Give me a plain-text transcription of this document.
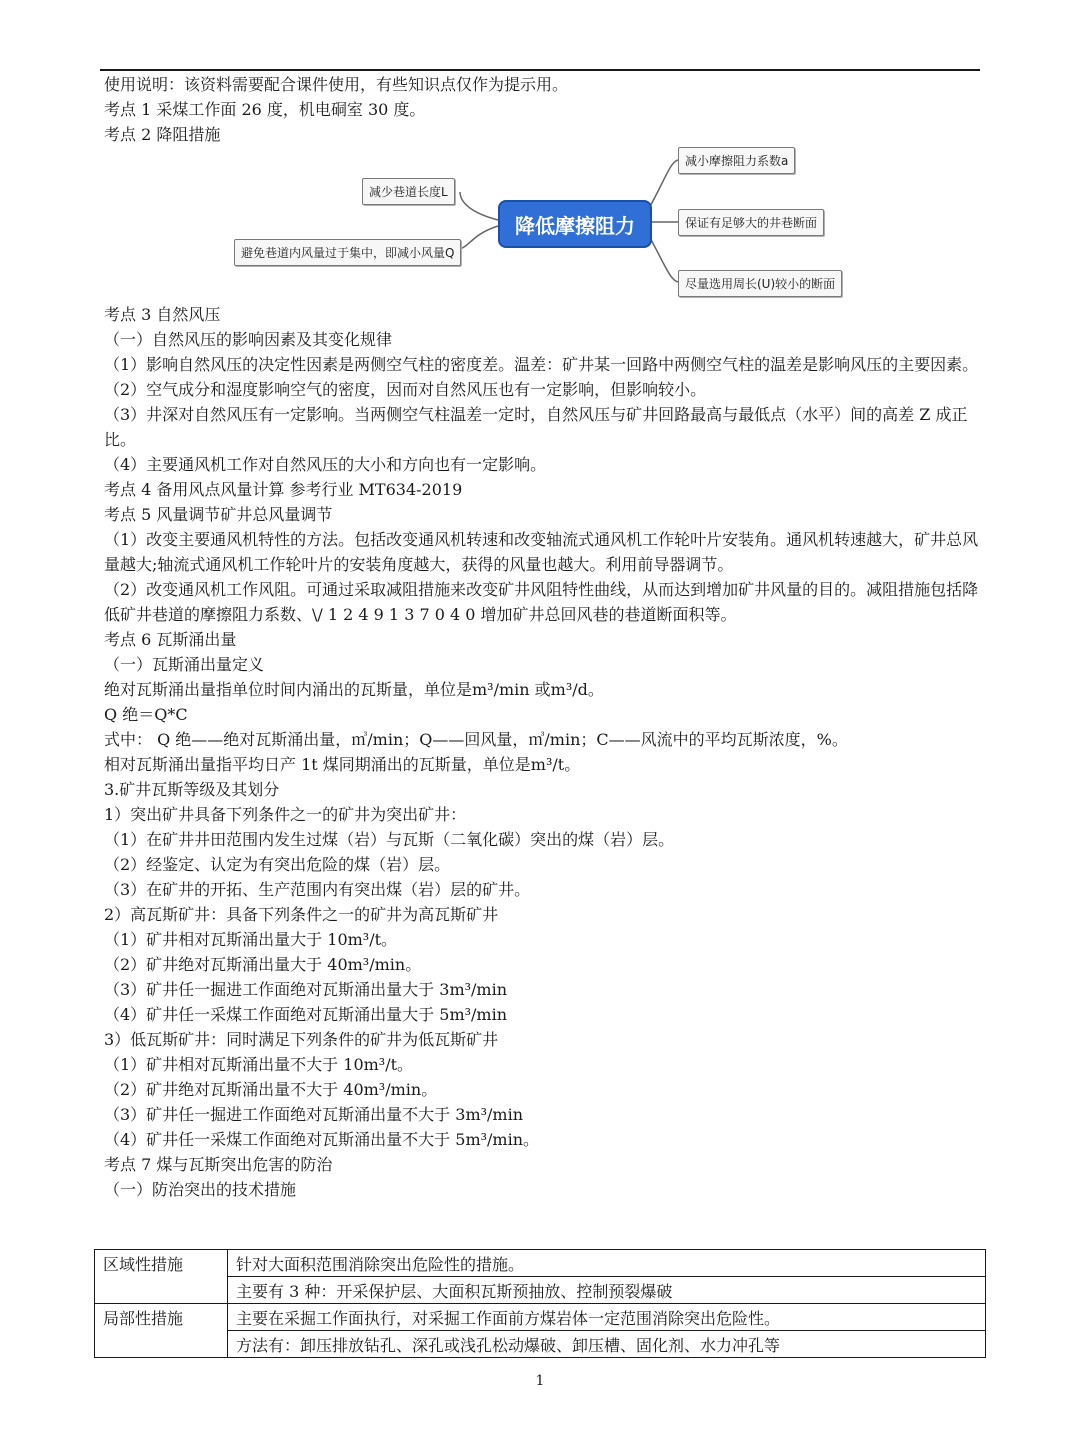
使用说明：该资料需要配合课件使用，有些知识点仅作为提示用。
考点 1 采煤工作面 26 度，机电硐室 30 度。
考点 2 降阻措施
降低摩擦阻力
减少巷道长度L
避免巷道内风量过于集中，即减小风量Q
减小摩擦阻力系数a
保证有足够大的井巷断面
尽量选用周长(U)较小的断面
考点 3 自然风压
（一）自然风压的影响因素及其变化规律
（1）影响自然风压的决定性因素是两侧空气柱的密度差。温差：矿井某一回路中两侧空气柱的温差是影响风压的主要因素。
（2）空气成分和湿度影响空气的密度，因而对自然风压也有一定影响，但影响较小。
（3）井深对自然风压有一定影响。当两侧空气柱温差一定时，自然风压与矿井回路最高与最低点（水平）间的高差 Z 成正比。
（4）主要通风机工作对自然风压的大小和方向也有一定影响。
考点 4 备用风点风量计算 参考行业 MT634-2019
考点 5 风量调节矿井总风量调节
（1）改变主要通风机特性的方法。包括改变通风机转速和改变轴流式通风机工作轮叶片安装角。通风机转速越大，矿井总风量越大;轴流式通风机工作轮叶片的安装角度越大，获得的风量也越大。利用前导器调节。
（2）改变通风机工作风阻。可通过采取减阻措施来改变矿井风阻特性曲线，从而达到增加矿井风量的目的。减阻措施包括降低矿井巷道的摩擦阻力系数、\/ 1 2 4 9 1 3 7 0 4 0 增加矿井总回风巷的巷道断面积等。
考点 6 瓦斯涌出量
（一）瓦斯涌出量定义
绝对瓦斯涌出量指单位时间内涌出的瓦斯量，单位是m³/min 或m³/d。
Q 绝＝Q*C
式中： Q 绝——绝对瓦斯涌出量，㎥/min；Q——回风量，㎥/min；C——风流中的平均瓦斯浓度，%。
相对瓦斯涌出量指平均日产 1t 煤同期涌出的瓦斯量，单位是m³/t。
3.矿井瓦斯等级及其划分
1）突出矿井具备下列条件之一的矿井为突出矿井：
（1）在矿井井田范围内发生过煤（岩）与瓦斯（二氧化碳）突出的煤（岩）层。
（2）经鉴定、认定为有突出危险的煤（岩）层。
（3）在矿井的开拓、生产范围内有突出煤（岩）层的矿井。
2）高瓦斯矿井：具备下列条件之一的矿井为高瓦斯矿井
（1）矿井相对瓦斯涌出量大于 10m³/t。
（2）矿井绝对瓦斯涌出量大于 40m³/min。
（3）矿井任一掘进工作面绝对瓦斯涌出量大于 3m³/min
（4）矿井任一采煤工作面绝对瓦斯涌出量大于 5m³/min
3）低瓦斯矿井：同时满足下列条件的矿井为低瓦斯矿井
（1）矿井相对瓦斯涌出量不大于 10m³/t。
（2）矿井绝对瓦斯涌出量不大于 40m³/min。
（3）矿井任一掘进工作面绝对瓦斯涌出量不大于 3m³/min
（4）矿井任一采煤工作面绝对瓦斯涌出量不大于 5m³/min。
考点 7 煤与瓦斯突出危害的防治
（一）防治突出的技术措施
区域性措施	针对大面积范围消除突出危险性的措施。
	主要有 3 种：开采保护层、大面积瓦斯预抽放、控制预裂爆破
局部性措施	主要在采掘工作面执行，对采掘工作面前方煤岩体一定范围消除突出危险性。
	方法有：卸压排放钻孔、深孔或浅孔松动爆破、卸压槽、固化剂、水力冲孔等
1
